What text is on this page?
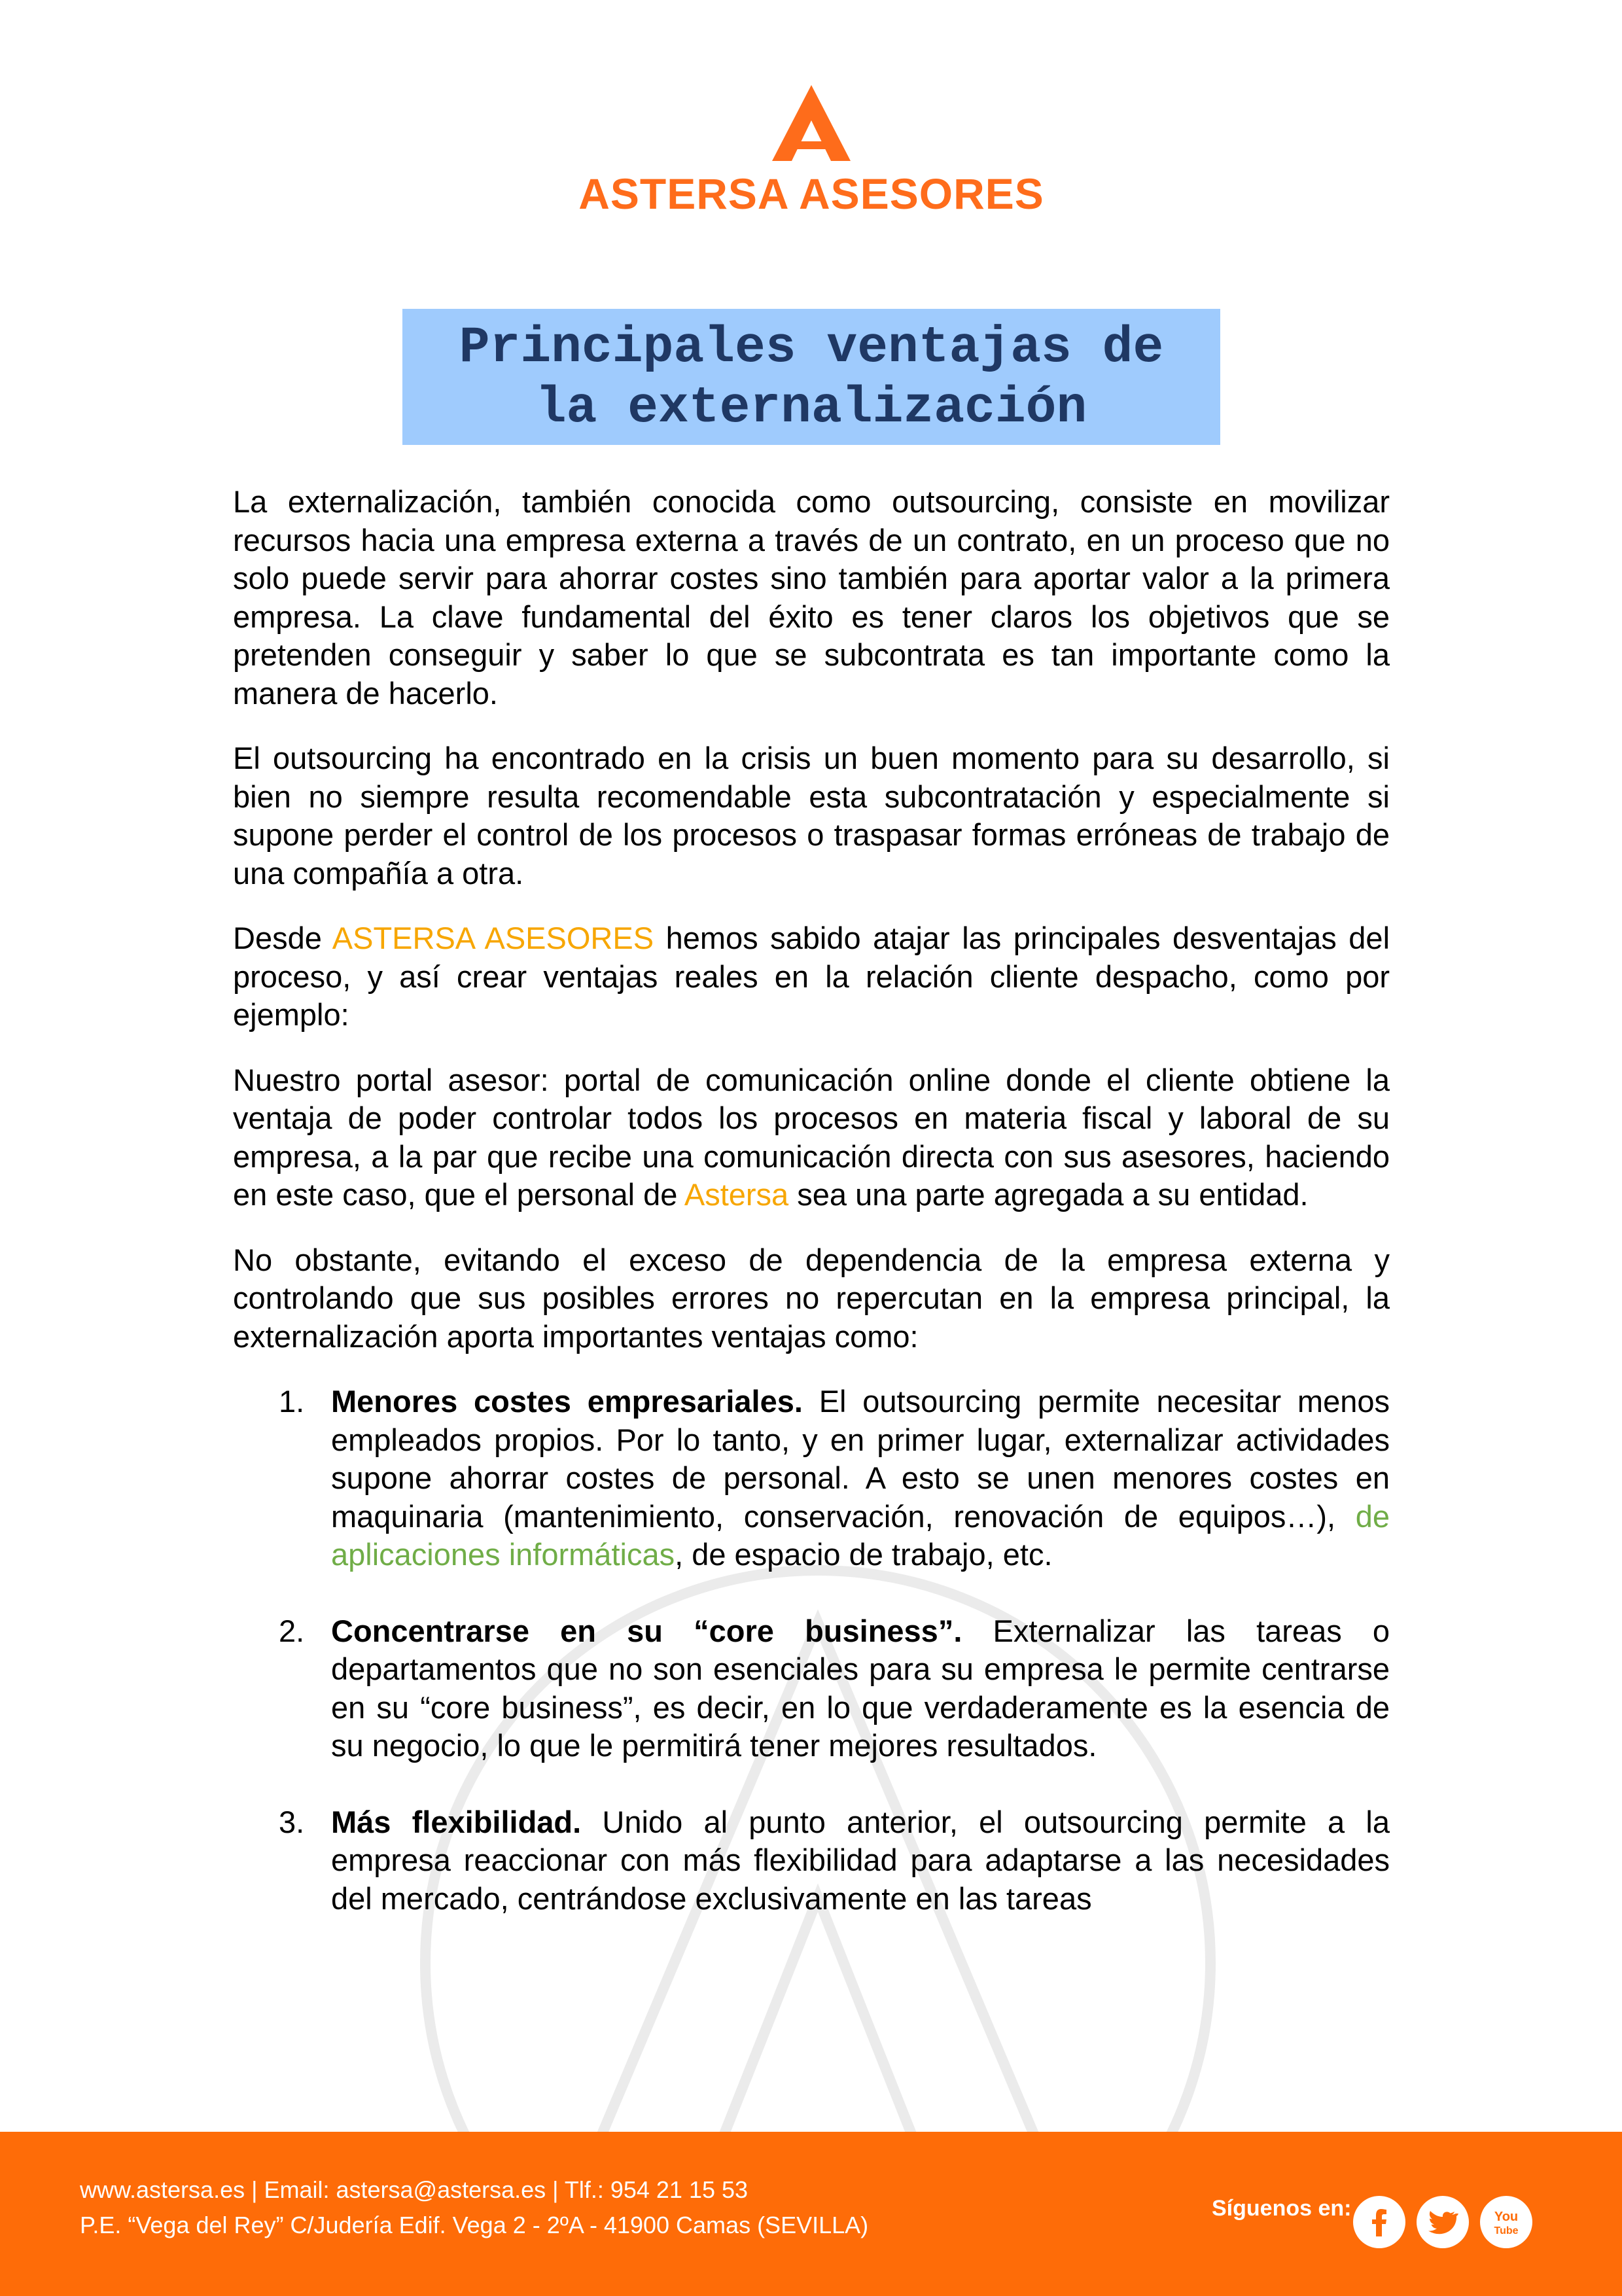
ASTERSA ASESORES
Principales ventajas de
la externalización

La externalización, también conocida como outsourcing, consiste en movilizar recursos hacia una empresa externa a través de un contrato, en un proceso que no solo puede servir para ahorrar costes sino también para aportar valor a la primera empresa. La clave fundamental del éxito es tener claros los objetivos que se pretenden conseguir y saber lo que se subcontrata es tan importante como la manera de hacerlo.

El outsourcing ha encontrado en la crisis un buen momento para su desarrollo, si bien no siempre resulta recomendable esta subcontratación y especialmente si supone perder el control de los procesos o traspasar formas erróneas de trabajo de una compañía a otra.

Desde ASTERSA ASESORES hemos sabido atajar las principales desventajas del proceso, y así crear ventajas reales en la relación cliente despacho, como por ejemplo:

Nuestro portal asesor: portal de comunicación online donde el cliente obtiene la ventaja de poder controlar todos los procesos en materia fiscal y laboral de su empresa, a la par que recibe una comunicación directa con sus asesores, haciendo en este caso, que el personal de Astersa sea una parte agregada a su entidad.

No obstante, evitando el exceso de dependencia de la empresa externa y controlando que sus posibles errores no repercutan en la empresa principal, la externalización aporta importantes ventajas como:

1. Menores costes empresariales. El outsourcing permite necesitar menos empleados propios. Por lo tanto, y en primer lugar, externalizar actividades supone ahorrar costes de personal. A esto se unen menores costes en maquinaria (mantenimiento, conservación, renovación de equipos…), de aplicaciones informáticas, de espacio de trabajo, etc.
2. Concentrarse en su “core business”. Externalizar las tareas o departamentos que no son esenciales para su empresa le permite centrarse en su “core business”, es decir, en lo que verdaderamente es la esencia de su negocio, lo que le permitirá tener mejores resultados.
3. Más flexibilidad. Unido al punto anterior, el outsourcing permite a la empresa reaccionar con más flexibilidad para adaptarse a las necesidades del mercado, centrándose exclusivamente en las tareas
www.astersa.es | Email: astersa@astersa.es | Tlf.: 954 21 15 53
P.E. “Vega del Rey” C/Judería Edif. Vega 2 - 2ºA - 41900 Camas (SEVILLA)
Síguenos en:	You
Tube
